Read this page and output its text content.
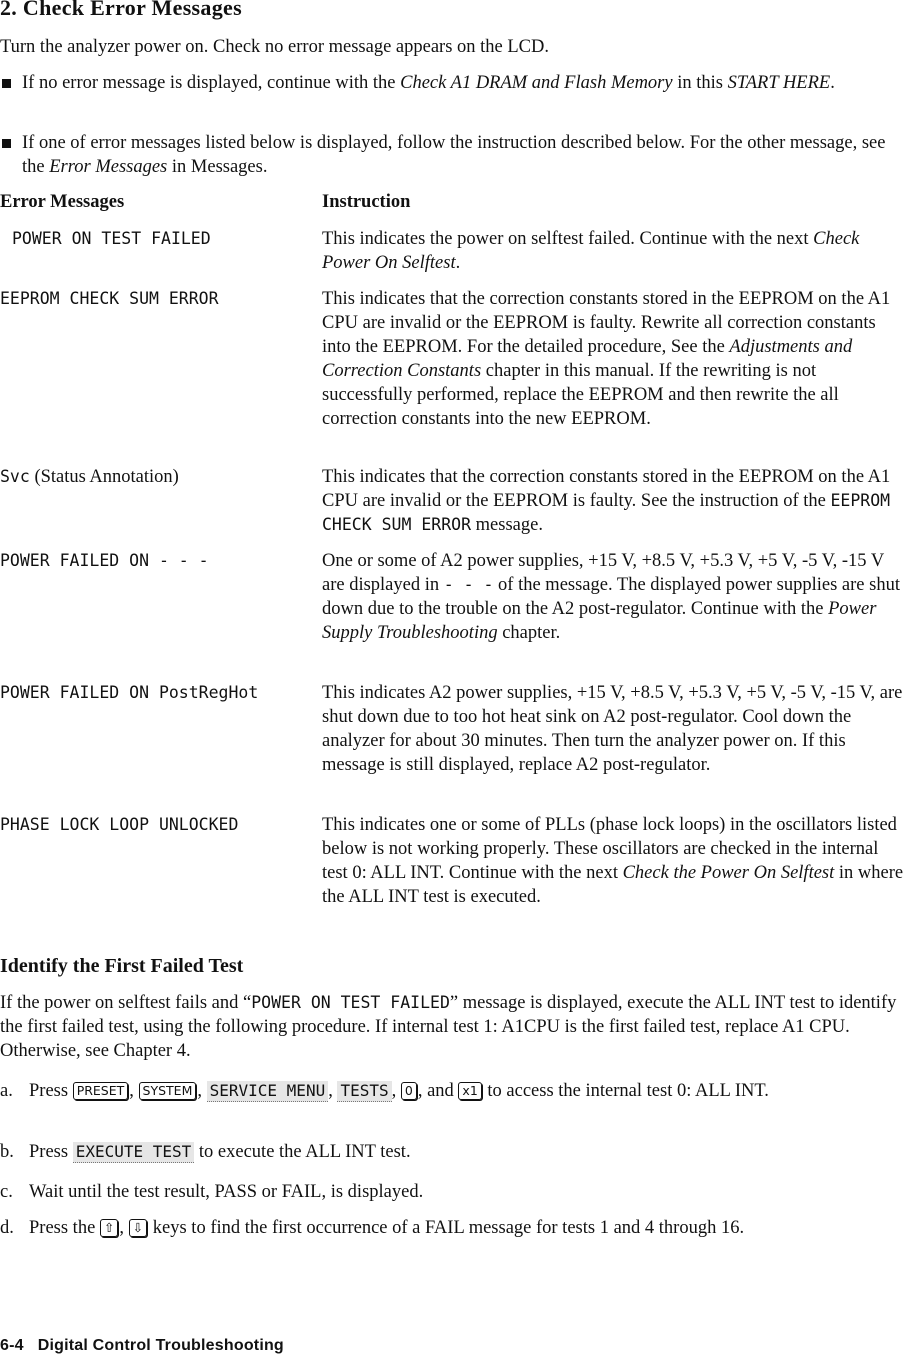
2. Check Error Messages
Turn the analyzer power on. Check no error message appears on the LCD.
If no error message is displayed, continue with the Check A1 DRAM and Flash Memory in this START HERE.
If one of error messages listed below is displayed, follow the instruction described below. For the other message, see the Error Messages in Messages.
Error Messages	Instruction
POWER ON TEST FAILED	This indicates the power on selftest failed. Continue with the next Check Power On Selftest.
EEPROM CHECK SUM ERROR	This indicates that the correction constants stored in the EEPROM on the A1 CPU are invalid or the EEPROM is faulty. Rewrite all correction constants into the EEPROM. For the detailed procedure, See the Adjustments and Correction Constants chapter in this manual. If the rewriting is not successfully performed, replace the EEPROM and then rewrite the all correction constants into the new EEPROM.
Svc (Status Annotation)	This indicates that the correction constants stored in the EEPROM on the A1 CPU are invalid or the EEPROM is faulty. See the instruction of the EEPROM CHECK SUM ERROR message.
POWER FAILED ON - - -	One or some of A2 power supplies, +15 V, +8.5 V, +5.3 V, +5 V, -5 V, -15 V are displayed in - - - of the message. The displayed power supplies are shut down due to the trouble on the A2 post-regulator. Continue with the Power Supply Troubleshooting chapter.
POWER FAILED ON PostRegHot	This indicates A2 power supplies, +15 V, +8.5 V, +5.3 V, +5 V, -5 V, -15 V, are shut down due to too hot heat sink on A2 post-regulator. Cool down the analyzer for about 30 minutes. Then turn the analyzer power on. If this message is still displayed, replace A2 post-regulator.
PHASE LOCK LOOP UNLOCKED	This indicates one or some of PLLs (phase lock loops) in the oscillators listed below is not working properly. These oscillators are checked in the internal test 0: ALL INT. Continue with the next Check the Power On Selftest in where the ALL INT test is executed.
Identify the First Failed Test
If the power on selftest fails and “POWER ON TEST FAILED” message is displayed, execute the ALL INT test to identify the first failed test, using the following procedure. If internal test 1: A1CPU is the first failed test, replace A1 CPU. Otherwise, see Chapter 4.
a. Press PRESET , SYSTEM , SERVICE MENU , TESTS , 0 , and x1 to access the internal test 0: ALL INT.
b. Press EXECUTE TEST to execute the ALL INT test.
c. Wait until the test result, PASS or FAIL, is displayed.
d. Press the ⇧ , ⇩ keys to find the first occurrence of a FAIL message for tests 1 and 4 through 16.
6-4 Digital Control Troubleshooting
